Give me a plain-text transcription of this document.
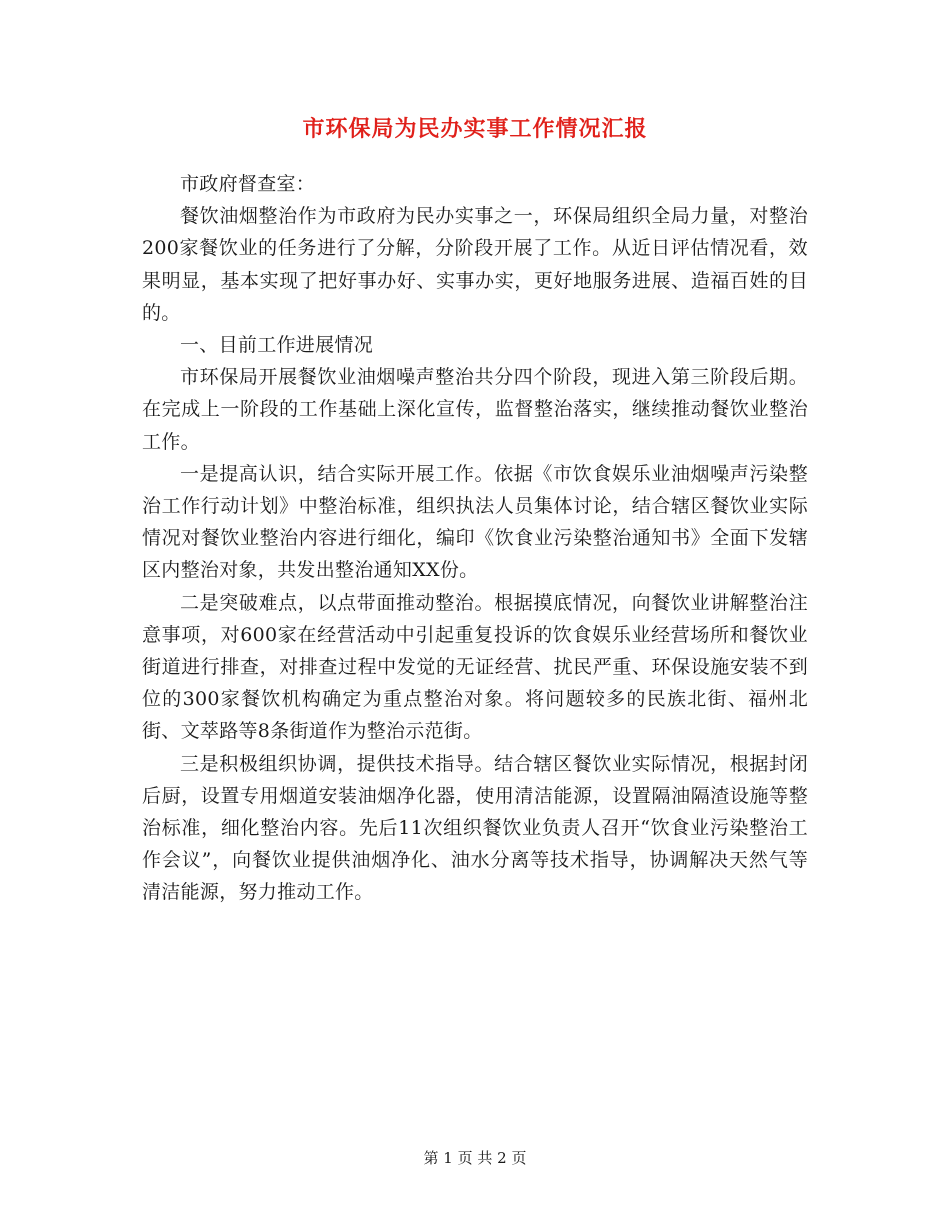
市环保局为民办实事工作情况汇报

市政府督查室：

餐饮油烟整治作为市政府为民办实事之一，环保局组织全局力量，对整治200家餐饮业的任务进行了分解，分阶段开展了工作。从近日评估情况看，效果明显，基本实现了把好事办好、实事办实，更好地服务进展、造福百姓的目的。

一、目前工作进展情况

市环保局开展餐饮业油烟噪声整治共分四个阶段，现进入第三阶段后期。在完成上一阶段的工作基础上深化宣传，监督整治落实，继续推动餐饮业整治工作。

一是提高认识，结合实际开展工作。依据《市饮食娱乐业油烟噪声污染整治工作行动计划》中整治标准，组织执法人员集体讨论，结合辖区餐饮业实际情况对餐饮业整治内容进行细化，编印《饮食业污染整治通知书》全面下发辖区内整治对象，共发出整治通知XX份。

二是突破难点，以点带面推动整治。根据摸底情况，向餐饮业讲解整治注意事项，对600家在经营活动中引起重复投诉的饮食娱乐业经营场所和餐饮业街道进行排查，对排查过程中发觉的无证经营、扰民严重、环保设施安装不到位的300家餐饮机构确定为重点整治对象。将问题较多的民族北街、福州北街、文萃路等8条街道作为整治示范街。

三是积极组织协调，提供技术指导。结合辖区餐饮业实际情况，根据封闭后厨，设置专用烟道安装油烟净化器，使用清洁能源，设置隔油隔渣设施等整治标准，细化整治内容。先后11次组织餐饮业负责人召开“饮食业污染整治工作会议”，向餐饮业提供油烟净化、油水分离等技术指导，协调解决天然气等清洁能源，努力推动工作。

第 1 页 共 2 页
